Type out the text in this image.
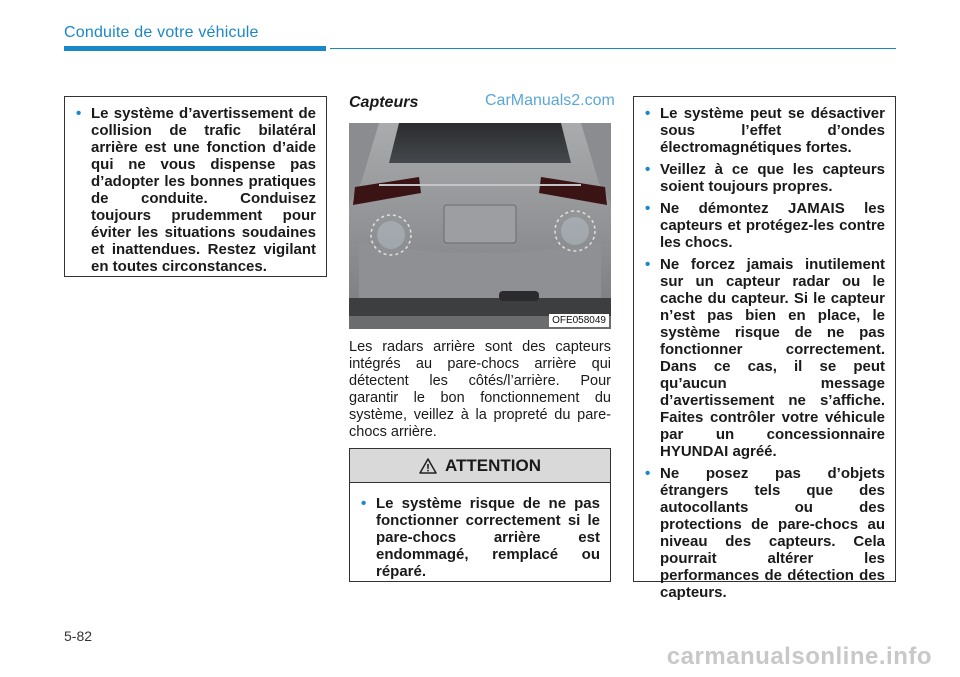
Conduite de votre véhicule
• Le système d’avertissement de collision de trafic bilatéral arrière est une fonction d’aide qui ne vous dispense pas d’adopter les bonnes pratiques de conduite. Conduisez toujours prudemment pour éviter les situations soudaines et inattendues. Restez vigilant en toutes circonstances.
Capteurs	CarManuals2.com
OFE058049
Les radars arrière sont des capteurs intégrés au pare-chocs arrière qui détectent les côtés/l’arrière. Pour garantir le bon fonctionnement du système, veillez à la propreté du pare-chocs arrière.
ATTENTION
• Le système risque de ne pas fonctionner correctement si le pare-chocs arrière est endommagé, remplacé ou réparé.
• Le système peut se désactiver sous l’effet d’ondes électromagnétiques fortes.
• Veillez à ce que les capteurs soient toujours propres.
• Ne démontez JAMAIS les capteurs et protégez-les contre les chocs.
• Ne forcez jamais inutilement sur un capteur radar ou le cache du capteur. Si le capteur n’est pas bien en place, le système risque de ne pas fonctionner correctement. Dans ce cas, il se peut qu’aucun message d’avertissement ne s’affiche. Faites contrôler votre véhicule par un concessionnaire HYUNDAI agréé.
• Ne posez pas d’objets étrangers tels que des autocollants ou des protections de pare-chocs au niveau des capteurs. Cela pourrait altérer les performances de détection des capteurs.
5-82
carmanualsonline.info
